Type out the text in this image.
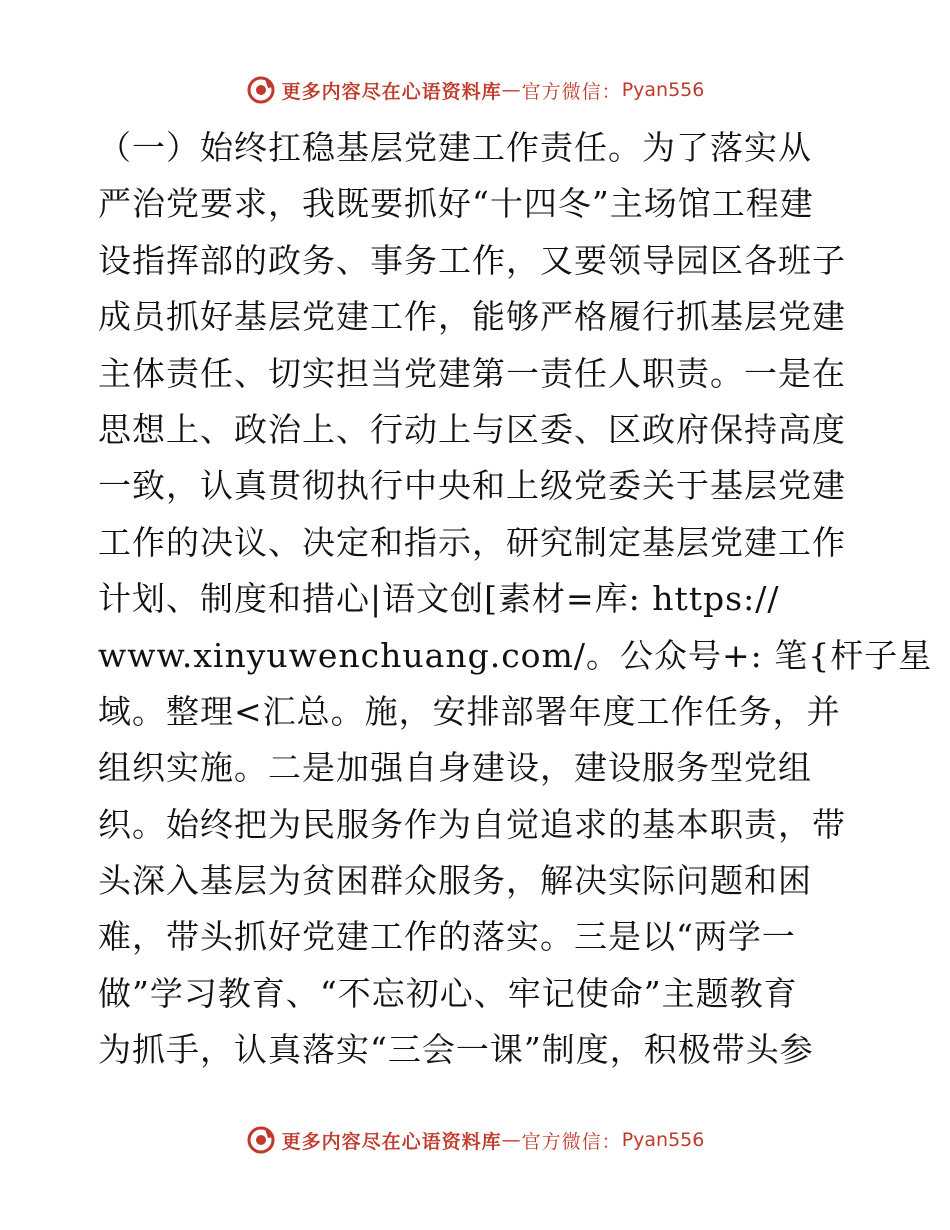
更多内容尽在心语资料库 — 官方微信： Pyan556
（一）始终扛稳基层党建工作责任。为了落实从
严治党要求，我既要抓好“十四冬”主场馆工程建
设指挥部的政务、事务工作，又要领导园区各班子
成员抓好基层党建工作，能够严格履行抓基层党建
主体责任、切实担当党建第一责任人职责。一是在
思想上、政治上、行动上与区委、区政府保持高度
一致，认真贯彻执行中央和上级党委关于基层党建
工作的决议、决定和指示，研究制定基层党建工作
计划、制度和措心|语文创[素材=库: https://
www.xinyuwenchuang.com/。公众号+: 笔{杆子星
域。整理<汇总。施，安排部署年度工作任务，并
组织实施。二是加强自身建设，建设服务型党组
织。始终把为民服务作为自觉追求的基本职责，带
头深入基层为贫困群众服务，解决实际问题和困
难，带头抓好党建工作的落实。三是以“两学一
做”学习教育、“不忘初心、牢记使命”主题教育
为抓手，认真落实“三会一课”制度，积极带头参
更多内容尽在心语资料库 — 官方微信： Pyan556
